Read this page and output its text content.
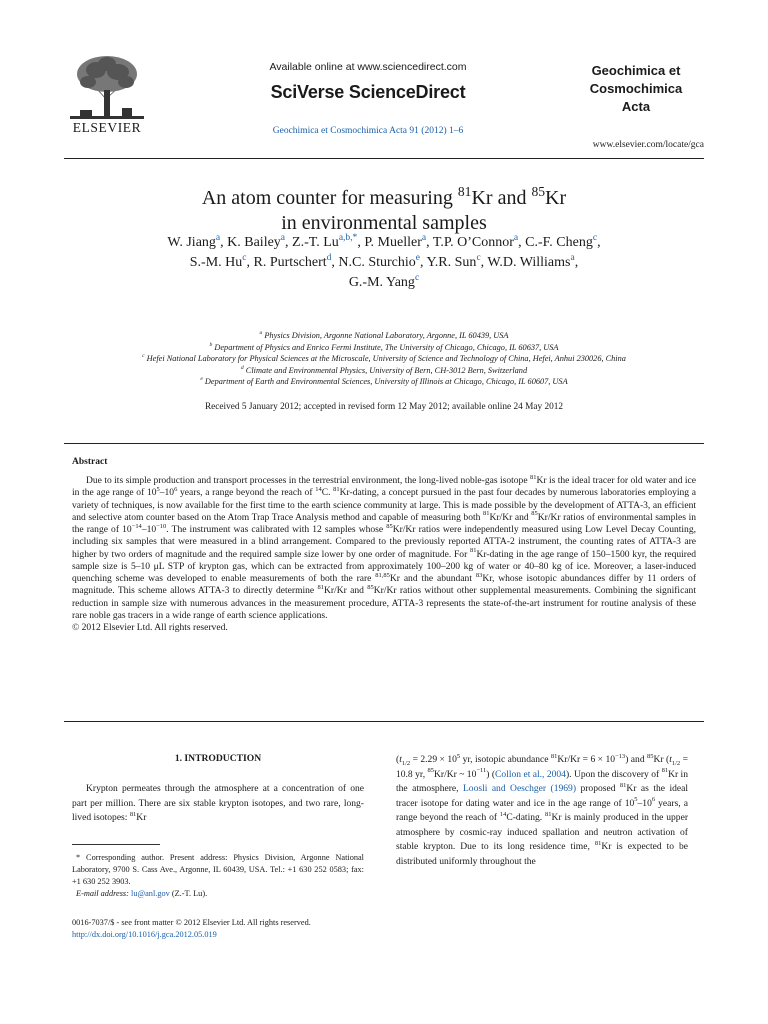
ELSEVIER
Available online at www.sciencedirect.com
SciVerse ScienceDirect
Geochimica et Cosmochimica Acta 91 (2012) 1–6
Geochimica et
Cosmochimica
Acta
www.elsevier.com/locate/gca
An atom counter for measuring $^{81}$Kr and $^{85}$Kr
in environmental samples
W. Jiang$^a$, K. Bailey$^a$, Z.-T. $Lu^{a,b,*}$, P. Mueller$^a$, T.P. O’Connor$^a$, C.-F. Cheng$^c$,
S.-M. Hu$^c$, R. Purtschert$^d$, N.C. Sturchio$^e$, Y.R. Sun$^c$, W.D. Williams$^a$,
G.-M. Yang$^c$
$^a$ Physics Division, Argonne National Laboratory, Argonne, IL 60439, USA
$^b$ Department of Physics and Enrico Fermi Institute, The University of Chicago, Chicago, IL 60637, USA
$^c$ Hefei National Laboratory for Physical Sciences at the Microscale, University of Science and Technology of China, Hefei, Anhui 230026, China
$^d$ Climate and Environmental Physics, University of Bern, CH-3012 Bern, Switzerland
$^e$ Department of Earth and Environmental Sciences, University of Illinois at Chicago, Chicago, IL 60607, USA
Received 5 January 2012; accepted in revised form 12 May 2012; available online 24 May 2012
Abstract

Due to its simple production and transport processes in the terrestrial environment, the long-lived noble-gas isotope $^{81}$Kr is the ideal tracer for old water and ice in the age range of $10^5-10^6$ years, a range beyond the reach of $^{14}$C. $^{81}$Kr-dating, a concept pursued in the past four decades by numerous laboratories employing a variety of techniques, is now available for the first time to the earth science community at large. This is made possible by the development of ATTA-3, an efficient and selective atom counter based on the Atom Trap Trace Analysis method and capable of measuring both $^{81}$Kr/Kr and $^{85}$Kr/Kr ratios of environmental samples in the range of $10^{-14}-10^{-10}$. The instrument was calibrated with 12 samples whose $^{85}$Kr/Kr ratios were independently measured using Low Level Decay Counting, including six samples that were measured in a blind arrangement. Compared to the previously reported ATTA-2 instrument, the counting rates of ATTA-3 are higher by two orders of magnitude and the required sample size lower by one order of magnitude. For $^{81}$Kr-dating in the age range of 150–1500 kyr, the required sample size is 5–10 μL STP of krypton gas, which can be extracted from approximately 100–200 kg of water or 40–80 kg of ice. Moreover, a laser-induced quenching scheme was developed to enable measurements of both the rare $^{81,85}$Kr and the abundant $^{83}$Kr, whose isotopic abundances differ by 11 orders of magnitude. This scheme allows ATTA-3 to directly determine $^{81}$Kr/Kr and $^{85}$Kr/Kr ratios without other supplemental measurements. Combining the significant reduction in sample size with numerous advances in the measurement procedure, ATTA-3 represents the state-of-the-art instrument for routine analysis of these rare noble gas tracers in a wide range of earth science applications.

© 2012 Elsevier Ltd. All rights reserved.

1. INTRODUCTION
Krypton permeates through the atmosphere at a concentration of one part per million. There are six stable krypton isotopes, and two rare, long-lived isotopes: $^{81}$Kr
* Corresponding author. Present address: Physics Division, Argonne National Laboratory, 9700 S. Cass Ave., Argonne, IL 60439, USA. Tel.: +1 630 252 0583; fax: +1 630 252 3903.
E-mail address: lu@anl.gov (Z.-T. Lu).
0016-7037/$ - see front matter © 2012 Elsevier Ltd. All rights reserved.
http://dx.doi.org/10.1016/j.gca.2012.05.019
($t_{1/2} = 2.29 \times 10^5$ yr, isotopic abundance $^{81}Kr/Kr = 6 \times 10^{-13}$) and $^{85}$Kr ($t_{1/2} = 10.8$ yr, $^{85}$Kr/Kr ~ $10^{-11}$) (Collon et al., 2004). Upon the discovery of $^{81}$Kr in the atmosphere, Loosli and Oeschger (1969) proposed $^{81}$Kr as the ideal tracer isotope for dating water and ice in the age range of $10^5-10^6$ years, a range beyond the reach of $^{14}$C-dating. $^{81}$Kr is mainly produced in the upper atmosphere by cosmic-ray induced spallation and neutron activation of stable krypton. Due to its long residence time, $^{81}$Kr is expected to be distributed uniformly throughout the
